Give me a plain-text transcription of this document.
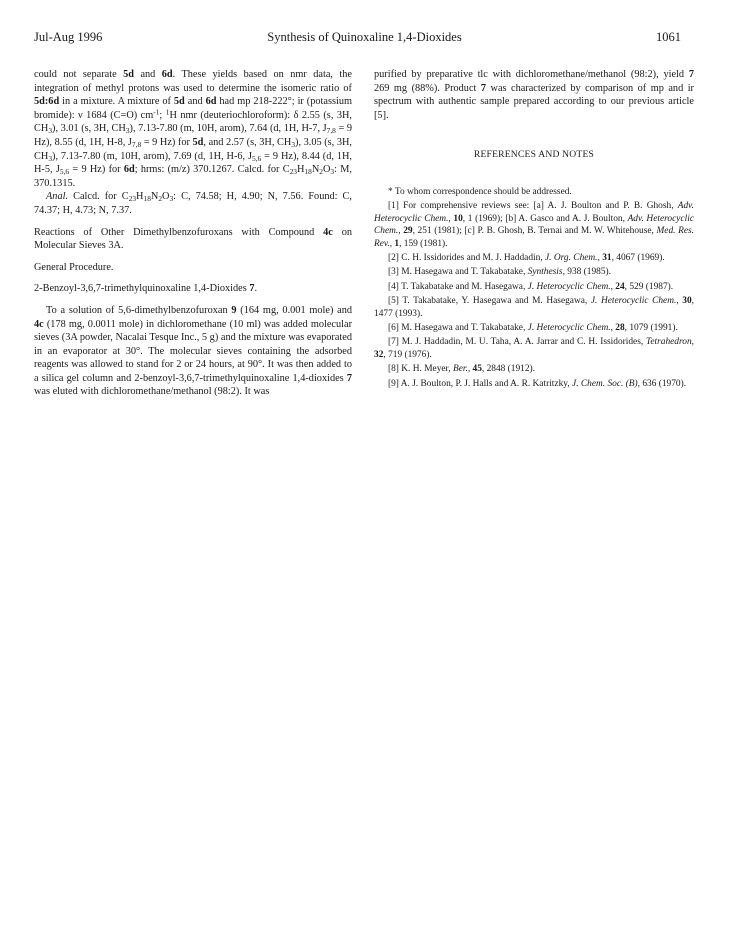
Jul-Aug 1996	Synthesis of Quinoxaline 1,4-Dioxides	1061

could not separate 5d and 6d. These yields based on nmr data, the integration of methyl protons was used to determine the isomeric ratio of 5d:6d in a mixture. A mixture of 5d and 6d had mp 218-222°; ir (potassium bromide): ν 1684 (C=O) $cm^{-1}$; $^1$H nmr (deuteriochloroform): δ 2.55 (s, 3H, $CH_3$), 3.01 (s, 3H, $CH_3$), 7.13-7.80 (m, 10H, arom), 7.64 (d, 1H, H-7, $J_{7,8} = 9$ Hz), 8.55 (d, 1H, H-8, $J_{7,8} = 9$ Hz) for 5d, and 2.57 (s, 3H, $CH_3$), 3.05 (s, 3H, $CH_3$), 7.13-7.80 (m, 10H, arom), 7.69 (d, 1H, H-6, $J_{5,6} = 9$ Hz), 8.44 (d, 1H, H-5, $J_{5,6} = 9$ Hz) for 6d; hrms: (m/z) 370.1267. Calcd. for $C_{23}H_{18}N_2O_3$: M, 370.1315.

Anal. Calcd. for $C_{23}H_{18}N_2O_3$: C, 74.58; H, 4.90; N, 7.56. Found: C, 74.37; H, 4.73; N, 7.37.

Reactions of Other Dimethylbenzofuroxans with Compound 4c on Molecular Sieves 3A.

General Procedure.

2-Benzoyl-3,6,7-trimethylquinoxaline 1,4-Dioxides 7.

To a solution of 5,6-dimethylbenzofuroxan 9 (164 mg, 0.001 mole) and 4c (178 mg, 0.0011 mole) in dichloromethane (10 ml) was added molecular sieves (3A powder, Nacalai Tesque Inc., 5 g) and the mixture was evaporated in an evaporator at 30°. The molecular sieves containing the adsorbed reagents was allowed to stand for 2 or 24 hours, at 90°. It was then added to a silica gel column and 2-benzoyl-3,6,7-trimethylquinoxaline 1,4-dioxides 7 was eluted with dichloromethane/methanol (98:2). It was

purified by preparative tlc with dichloromethane/methanol (98:2), yield 7 269 mg (88%). Product 7 was characterized by comparison of mp and ir spectrum with authentic sample prepared according to our previous article [5].

REFERENCES AND NOTES

* To whom correspondence should be addressed.

[1] For comprehensive reviews see: [a] A. J. Boulton and P. B. Ghosh, Adv. Heterocyclic Chem., 10, 1 (1969); [b] A. Gasco and A. J. Boulton, Adv. Heterocyclic Chem., 29, 251 (1981); [c] P. B. Ghosh, B. Ternai and M. W. Whitehouse, Med. Res. Rev., 1, 159 (1981).

[2] C. H. Issidorides and M. J. Haddadin, J. Org. Chem., 31, 4067 (1969).

[3] M. Hasegawa and T. Takabatake, Synthesis, 938 (1985).

[4] T. Takabatake and M. Hasegawa, J. Heterocyclic Chem., 24, 529 (1987).

[5] T. Takabatake, Y. Hasegawa and M. Hasegawa, J. Heterocyclic Chem., 30, 1477 (1993).

[6] M. Hasegawa and T. Takabatake, J. Heterocyclic Chem., 28, 1079 (1991).

[7] M. J. Haddadin, M. U. Taha, A. A. Jarrar and C. H. Issidorides, Tetrahedron, 32, 719 (1976).

[8] K. H. Meyer, Ber., 45, 2848 (1912).

[9] A. J. Boulton, P. J. Halls and A. R. Katritzky, J. Chem. Soc. (B), 636 (1970).
